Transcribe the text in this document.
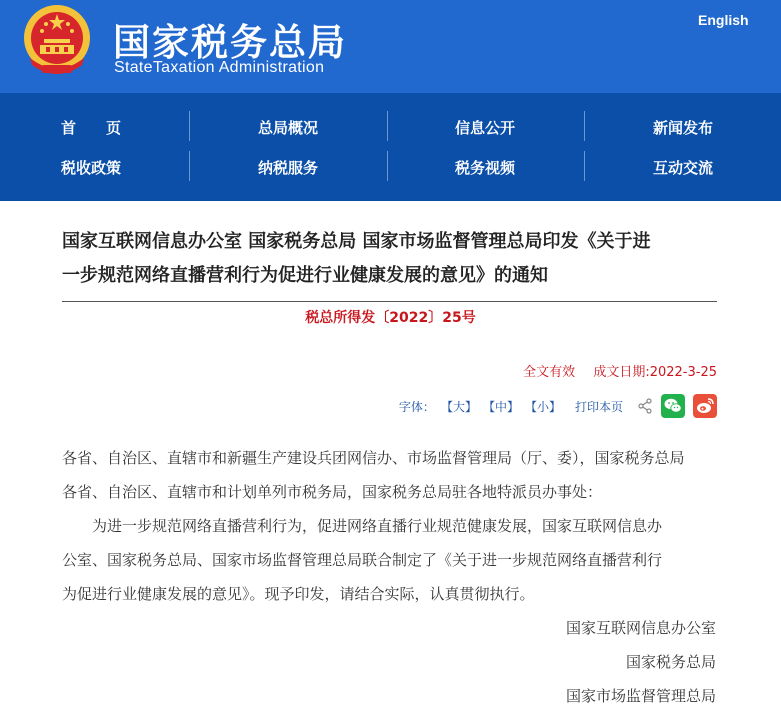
国家税务总局
StateTaxation Administration
English
首　　页	总局概况	信息公开	新闻发布
税收政策	纳税服务	税务视频	互动交流
国家互联网信息办公室 国家税务总局 国家市场监督管理总局印发《关于进
一步规范网络直播营利行为促进行业健康发展的意见》的通知
税总所得发〔2022〕25号
全文有效 成文日期:2022-3-25
字体： 【大】 【中】 【小】 打印本页
各省、自治区、直辖市和新疆生产建设兵团网信办、市场监督管理局（厅、委），国家税务总局
各省、自治区、直辖市和计划单列市税务局，国家税务总局驻各地特派员办事处：
为进一步规范网络直播营利行为，促进网络直播行业规范健康发展，国家互联网信息办
公室、国家税务总局、国家市场监督管理总局联合制定了《关于进一步规范网络直播营利行
为促进行业健康发展的意见》。现予印发，请结合实际，认真贯彻执行。
国家互联网信息办公室
国家税务总局
国家市场监督管理总局
